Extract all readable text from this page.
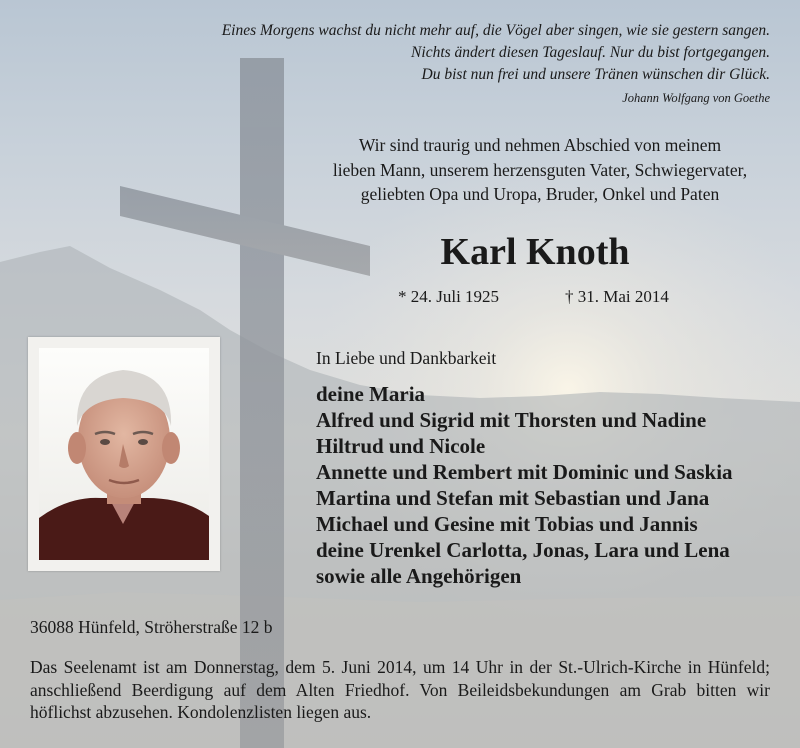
Eines Morgens wachst du nicht mehr auf, die Vögel aber singen, wie sie gestern sangen.
Nichts ändert diesen Tageslauf. Nur du bist fortgegangen.
Du bist nun frei und unsere Tränen wünschen dir Glück.
Johann Wolfgang von Goethe
Wir sind traurig und nehmen Abschied von meinem
lieben Mann, unserem herzensguten Vater, Schwiegervater,
geliebten Opa und Uropa, Bruder, Onkel und Paten
Karl Knoth
* 24. Juli 1925	† 31. Mai 2014
In Liebe und Dankbarkeit
deine Maria
Alfred und Sigrid mit Thorsten und Nadine
Hiltrud und Nicole
Annette und Rembert mit Dominic und Saskia
Martina und Stefan mit Sebastian und Jana
Michael und Gesine mit Tobias und Jannis
deine Urenkel Carlotta, Jonas, Lara und Lena
sowie alle Angehörigen
36088 Hünfeld, Ströherstraße 12 b
Das Seelenamt ist am Donnerstag, dem 5. Juni 2014, um 14 Uhr in der St.-Ulrich-Kirche in Hünfeld; anschließend Beerdigung auf dem Alten Friedhof. Von Beileidsbekundungen am Grab bitten wir höflichst abzusehen. Kondolenzlisten liegen aus.
